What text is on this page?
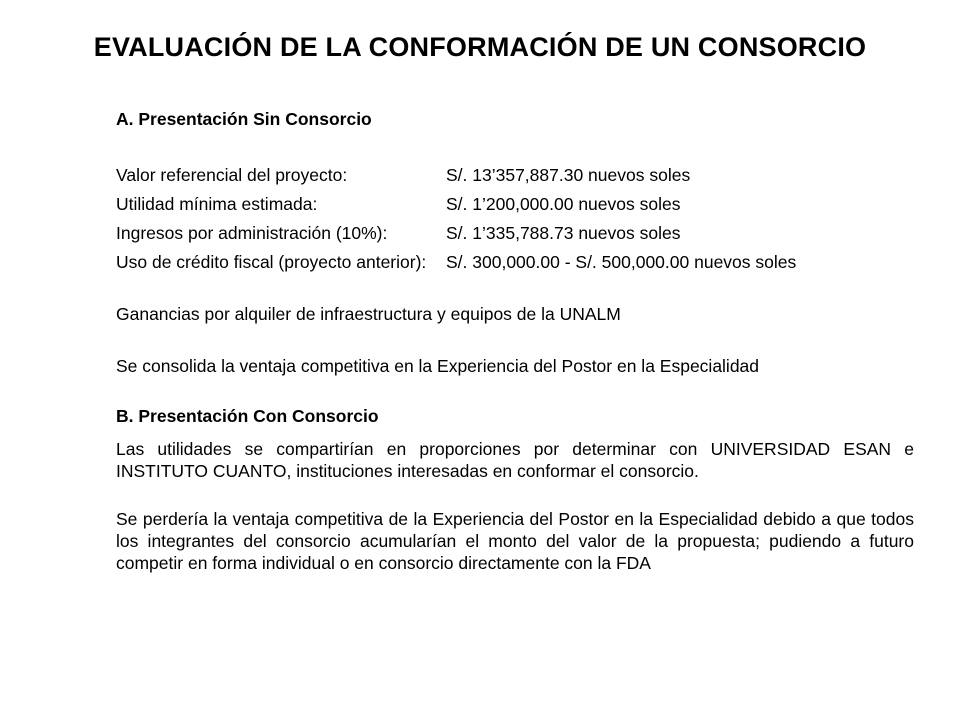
EVALUACIÓN DE LA CONFORMACIÓN DE UN CONSORCIO

A. Presentación Sin Consorcio

Valor referencial del proyecto:	S/. 13’357,887.30 nuevos soles
Utilidad mínima estimada:	S/. 1’200,000.00 nuevos soles
Ingresos por administración (10%):	S/. 1’335,788.73 nuevos soles
Uso de crédito fiscal (proyecto anterior):	S/. 300,000.00 - S/. 500,000.00 nuevos soles

Ganancias por alquiler de infraestructura y equipos de la UNALM

Se consolida la ventaja competitiva en la Experiencia del Postor en la Especialidad

B. Presentación Con Consorcio

Las utilidades se compartirían en proporciones por determinar con UNIVERSIDAD ESAN e INSTITUTO CUANTO, instituciones interesadas en conformar el consorcio.

Se perdería la ventaja competitiva de la Experiencia del Postor en la Especialidad debido a que todos los integrantes del consorcio acumularían el monto del valor de la propuesta; pudiendo a futuro competir en forma individual o en consorcio directamente con la FDA
